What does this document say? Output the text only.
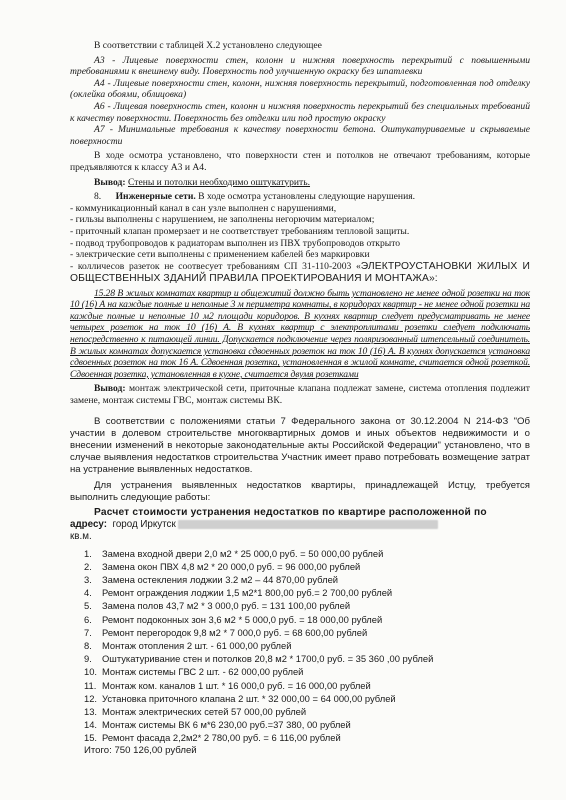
В соответствии с таблицей Х.2 установлено следующее

А3 - Лицевые поверхности стен, колонн и нижняя поверхность перекрытий с повышенными требованиями к внешнему виду. Поверхность под улучшенную окраску без шпатлевки

А4 - Лицевые поверхности стен, колонн, нижняя поверхность перекрытий, подготовленная под отделку (оклейка обоями, облицовка)

А6 - Лицевая поверхность стен, колонн и нижняя поверхность перекрытий без специальных требований к качеству поверхности. Поверхность без отделки или под простую окраску

А7 - Минимальные требования к качеству поверхности бетона. Оштукатуриваемые и скрываемые поверхности

В ходе осмотра установлено, что поверхности стен и потолков не отвечают требованиям, которые предъявляются к классу А3 и А4.

Вывод: Стены и потолки необходимо оштукатурить.

8. Инженерные сети. В ходе осмотра установлены следующие нарушения.

- коммуникационный канал в сан узле выполнен с нарушениями,

- гильзы выполнены с нарушением, не заполнены негорючим материалом;

- приточный клапан промерзает и не соответствует требованиям тепловой защиты.

- подвод трубопроводов к радиаторам выполнен из ПВХ трубопроводов открыто

- электрические сети выполнены с применением кабелей без маркировки

- колличесов разеток не соотвесует требованиям СП 31-110-2003 «ЭЛЕКТРОУСТАНОВКИ ЖИЛЫХ И ОБЩЕСТВЕННЫХ ЗДАНИЙ ПРАВИЛА ПРОЕКТИРОВАНИЯ И МОНТАЖА»:

15.28 В жилых комнатах квартир и общежитий должно быть установлено не менее одной розетки на ток 10 (16) А на каждые полные и неполные 3 м периметра комнаты, в коридорах квартир - не менее одной розетки на каждые полные и неполные 10 м2 площади коридоров. В кухнях квартир следует предусматривать не менее четырех розеток на ток 10 (16) А. В кухнях квартир с электроплитами розетки следует подключать непосредственно к питающей линии. Допускается подключение через поляризованный штепсельный соединитель. В жилых комнатах допускается установка сдвоенных розеток на ток 10 (16) А. В кухнях допускается установка сдвоенных розеток на ток 16 А. Сдвоенная розетка, установленная в жилой комнате, считается одной розеткой. Сдвоенная розетка, установленная в кухне, считается двумя розетками

Вывод: монтаж электрической сети, приточные клапана подлежат замене, система отопления подлежит замене, монтаж системы ГВС, монтаж системы ВК.

В соответствии с положениями статьи 7 Федерального закона от 30.12.2004 N 214-ФЗ "Об участии в долевом строительстве многоквартирных домов и иных объектов недвижимости и о внесении изменений в некоторые законодательные акты Российской Федерации" установлено, что в случае выявления недостатков строительства Участник имеет право потребовать возмещение затрат на устранение выявленных недостатков.

Для устранения выявленных недостатков квартиры, принадлежащей Истцу, требуется выполнить следующие работы:

Расчет стоимости устранения недостатков по квартире расположенной по

адресу: город Иркутск

кв.м.

1. Замена входной двери 2,0 м2 * 25 000,0 руб. = 50 000,00 рублей
2. Замена окон ПВХ 4,8 м2 * 20 000,0 руб. = 96 000,00 рублей
3. Замена остекления лоджии 3.2 м2 – 44 870,00 рублей
4. Ремонт ограждения лоджии 1,5 м2*1 800,00 руб.= 2 700,00 рублей
5. Замена полов 43,7 м2 * 3 000,0 руб. = 131 100,00 рублей
6. Ремонт подоконных зон 3,6 м2 * 5 000,0 руб. = 18 000,00 рублей
7. Ремонт перегородок 9,8 м2 * 7 000,0 руб. = 68 600,00 рублей
8. Монтаж отопления 2 шт. - 61 000,00 рублей
9. Оштукатуривание стен и потолков 20,8 м2 * 1700,0 руб. = 35 360 ,00 рублей
10. Монтаж системы ГВС 2 шт. - 62 000,00 рублей
11. Монтаж ком. каналов 1 шт. * 16 000,0 руб. = 16 000,00 рублей
12. Установка приточного клапана 2 шт. * 32 000,00 = 64 000,00 рублей
13. Монтаж электрических сетей 57 000,00 рублей
14. Монтаж системы ВК 6 м*6 230,00 руб.=37 380, 00 рублей
15. Ремонт фасада 2,2м2* 2 780,00 руб. = 6 116,00 рублей

Итого: 750 126,00 рублей
